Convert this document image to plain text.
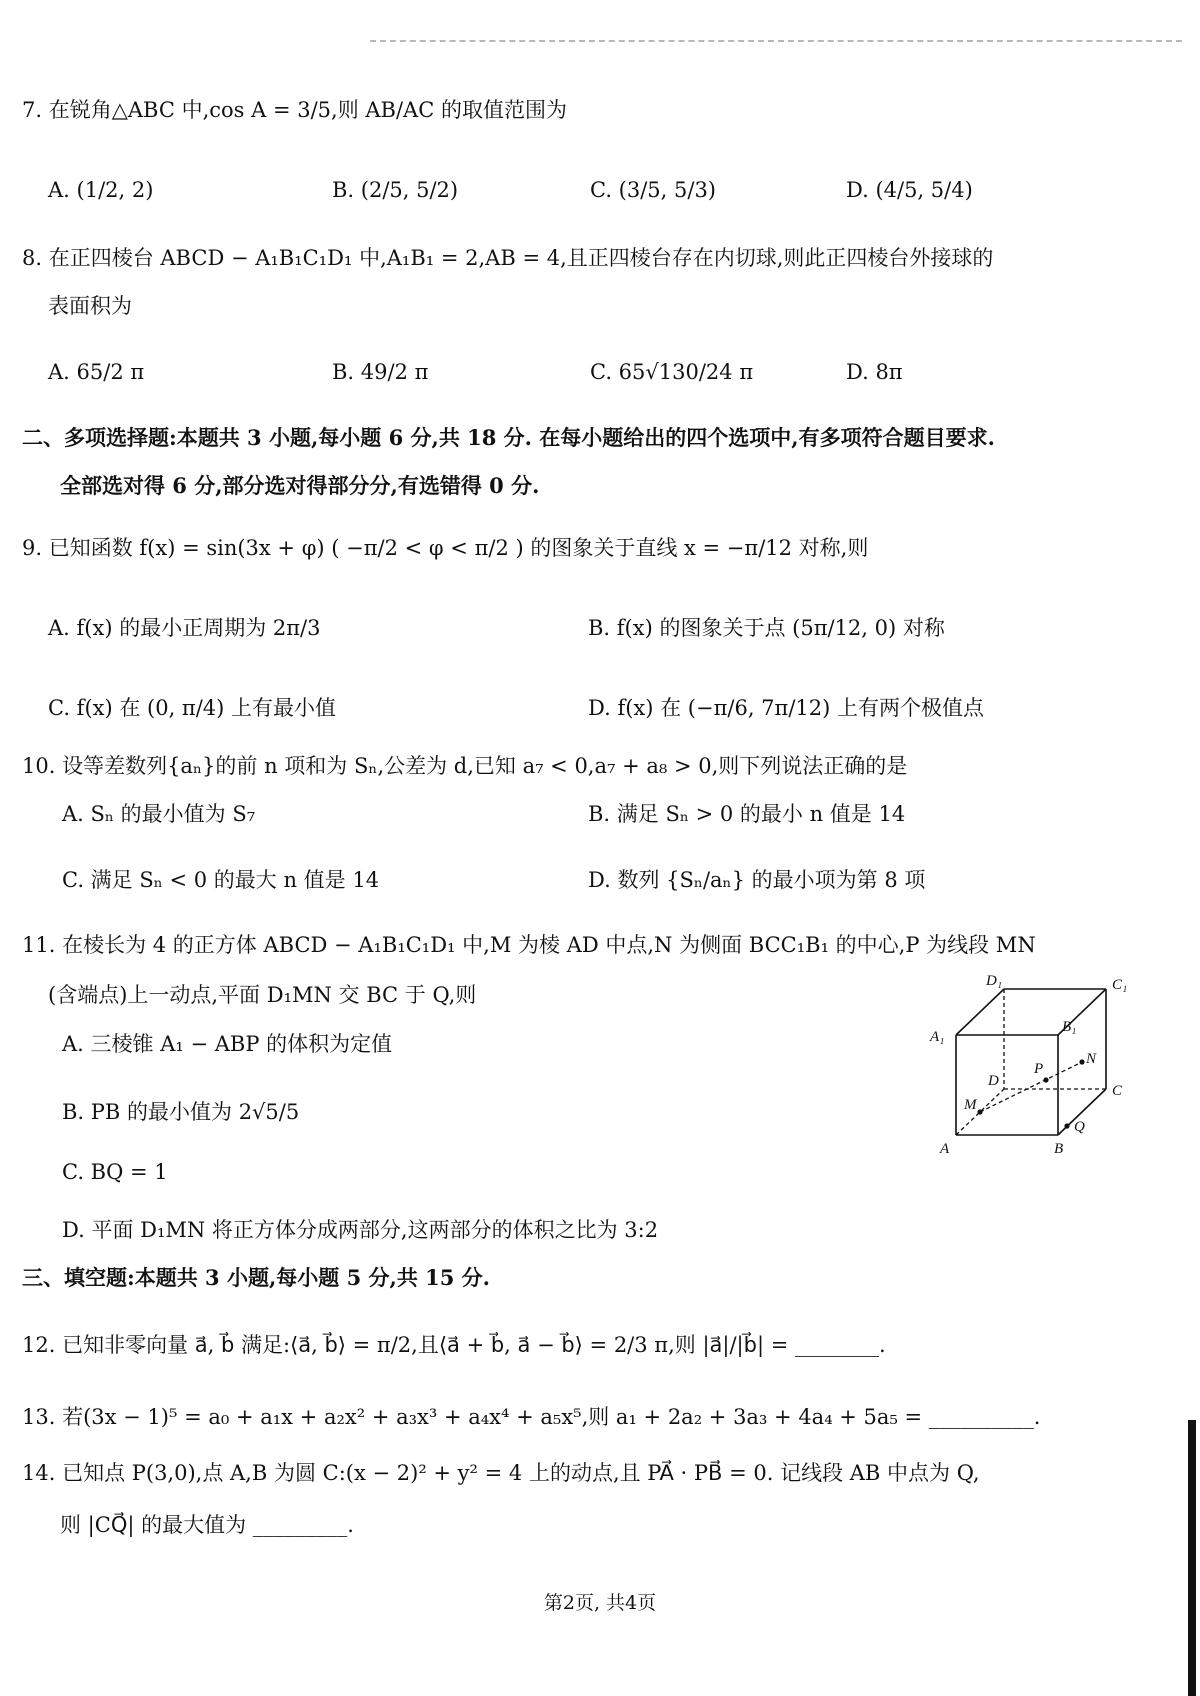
7. 在锐角△ABC 中,cos A = 3/5,则 AB/AC 的取值范围为
A. (1/2, 2)	B. (2/5, 5/2)	C. (3/5, 5/3)	D. (4/5, 5/4)
8. 在正四棱台 ABCD − A₁B₁C₁D₁ 中,A₁B₁ = 2,AB = 4,且正四棱台存在内切球,则此正四棱台外接球的
表面积为
A. 65/2 π	B. 49/2 π	C. 65√130/24 π	D. 8π
二、多项选择题:本题共 3 小题,每小题 6 分,共 18 分. 在每小题给出的四个选项中,有多项符合题目要求.
全部选对得 6 分,部分选对得部分分,有选错得 0 分.
9. 已知函数 f(x) = sin(3x + φ) ( −π/2 < φ < π/2 ) 的图象关于直线 x = −π/12 对称,则
A. f(x) 的最小正周期为 2π/3	B. f(x) 的图象关于点 (5π/12, 0) 对称
C. f(x) 在 (0, π/4) 上有最小值	D. f(x) 在 (−π/6, 7π/12) 上有两个极值点
10. 设等差数列{aₙ}的前 n 项和为 Sₙ,公差为 d,已知 a₇ < 0,a₇ + a₈ > 0,则下列说法正确的是
A. Sₙ 的最小值为 S₇	B. 满足 Sₙ > 0 的最小 n 值是 14
C. 满足 Sₙ < 0 的最大 n 值是 14	D. 数列 {Sₙ/aₙ} 的最小项为第 8 项
11. 在棱长为 4 的正方体 ABCD − A₁B₁C₁D₁ 中,M 为棱 AD 中点,N 为侧面 BCC₁B₁ 的中心,P 为线段 MN
(含端点)上一动点,平面 D₁MN 交 BC 于 Q,则
A. 三棱锥 A₁ − ABP 的体积为定值
B. PB 的最小值为 2√5/5
C. BQ = 1
D. 平面 D₁MN 将正方体分成两部分,这两部分的体积之比为 3:2
D₁	C₁
A₁
B₁
D
P
N
C
M
Q
A	B
三、填空题:本题共 3 小题,每小题 5 分,共 15 分.
12. 已知非零向量 a⃗, b⃗ 满足:⟨a⃗, b⃗⟩ = π/2,且⟨a⃗ + b⃗, a⃗ − b⃗⟩ = 2/3 π,则 |a⃗|/|b⃗| = ________.
13. 若(3x − 1)⁵ = a₀ + a₁x + a₂x² + a₃x³ + a₄x⁴ + a₅x⁵,则 a₁ + 2a₂ + 3a₃ + 4a₄ + 5a₅ = __________.
14. 已知点 P(3,0),点 A,B 为圆 C:(x − 2)² + y² = 4 上的动点,且 PA⃗ · PB⃗ = 0. 记线段 AB 中点为 Q,
则 |CQ⃗| 的最大值为 _________.
第2页, 共4页
